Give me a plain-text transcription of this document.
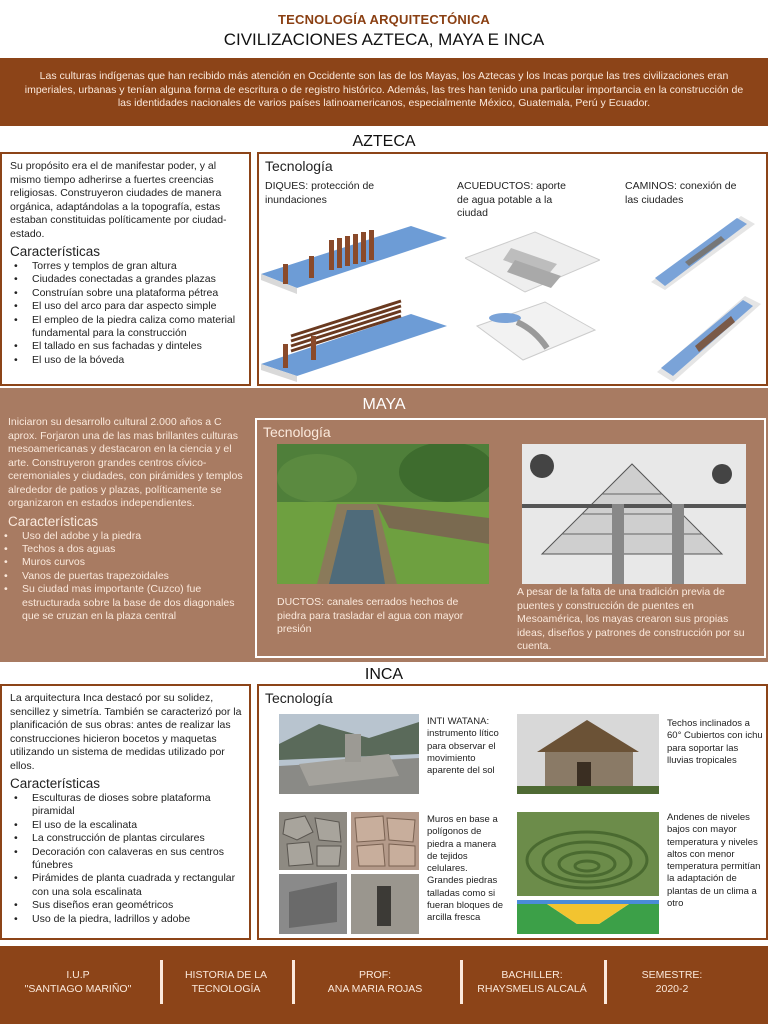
TECNOLOGÍA ARQUITECTÓNICA
CIVILIZACIONES AZTECA, MAYA E INCA
Las culturas indígenas que han recibido más atención en Occidente son las de los Mayas, los Aztecas y los Incas porque las tres civilizaciones eran imperiales, urbanas y tenían alguna forma de escritura o de registro histórico. Además, las tres han tenido una particular importancia en la construcción de las identidades nacionales de varios países latinoamericanos, especialmente México, Guatemala, Perú y Ecuador.
AZTECA
Su propósito era el de manifestar poder, y al mismo tiempo adherirse a fuertes creencias religiosas. Construyeron ciudades de manera orgánica, adaptándolas a la topografía, estas estaban constituidas políticamente por ciudad-estado.
Características
• Torres y templos de gran altura
• Ciudades conectadas a grandes plazas
• Construían sobre una plataforma pétrea
• El uso del arco para dar aspecto simple
• El empleo de la piedra caliza como material fundamental para la construcción
• El tallado en sus fachadas y dinteles
• El uso de la bóveda
Tecnología
DIQUES: protección de inundaciones
ACUEDUCTOS: aporte de agua potable a la ciudad
CAMINOS: conexión de las ciudades
MAYA
Iniciaron su desarrollo cultural 2.000 años a C aprox. Forjaron una de las mas brillantes culturas mesoamericanas y destacaron en la ciencia y el arte. Construyeron grandes centros cívico-ceremoniales y ciudades, con pirámides y templos alrededor de patios y plazas, políticamente se organizaron en estados independientes.
Características
• Uso del adobe y la piedra
• Techos a dos aguas
• Muros curvos
• Vanos de puertas trapezoidales
• Su ciudad mas importante (Cuzco) fue estructurada sobre la base de dos diagonales que se cruzan en la plaza central
Tecnología
DUCTOS: canales cerrados hechos de piedra para trasladar el agua con mayor presión
A pesar de la falta de una tradición previa de puentes y construcción de puentes en Mesoamérica, los mayas crearon sus propias ideas, diseños y patrones de construcción por su cuenta.
INCA
La arquitectura Inca destacó por su solidez, sencillez y simetría. También se caracterizó por la planificación de sus obras: antes de realizar las construcciones hicieron bocetos y maquetas utilizando un sistema de medidas utilizado por ellos.
Características
• Esculturas de dioses sobre plataforma piramidal
• El uso de la escalinata
• La construcción de plantas circulares
• Decoración con calaveras en sus centros fúnebres
• Pirámides de planta cuadrada y rectangular con una sola escalinata
• Sus diseños eran geométricos
• Uso de la piedra, ladrillos y adobe
Tecnología
INTI WATANA: instrumento lítico para observar el movimiento aparente del sol
Techos inclinados a 60° Cubiertos con ichu para soportar las lluvias tropicales
Muros en base a polígonos de piedra a manera de tejidos celulares. Grandes piedras talladas como si fueran bloques de arcilla fresca
Andenes de niveles bajos con mayor temperatura y niveles altos con menor temperatura permitían la adaptación de plantas de un clima a otro
I.U.P
"SANTIAGO MARIÑO"
HISTORIA DE LA
TECNOLOGÍA
PROF:
ANA MARIA ROJAS
BACHILLER:
RHAYSMELIS ALCALÁ
SEMESTRE:
2020-2
